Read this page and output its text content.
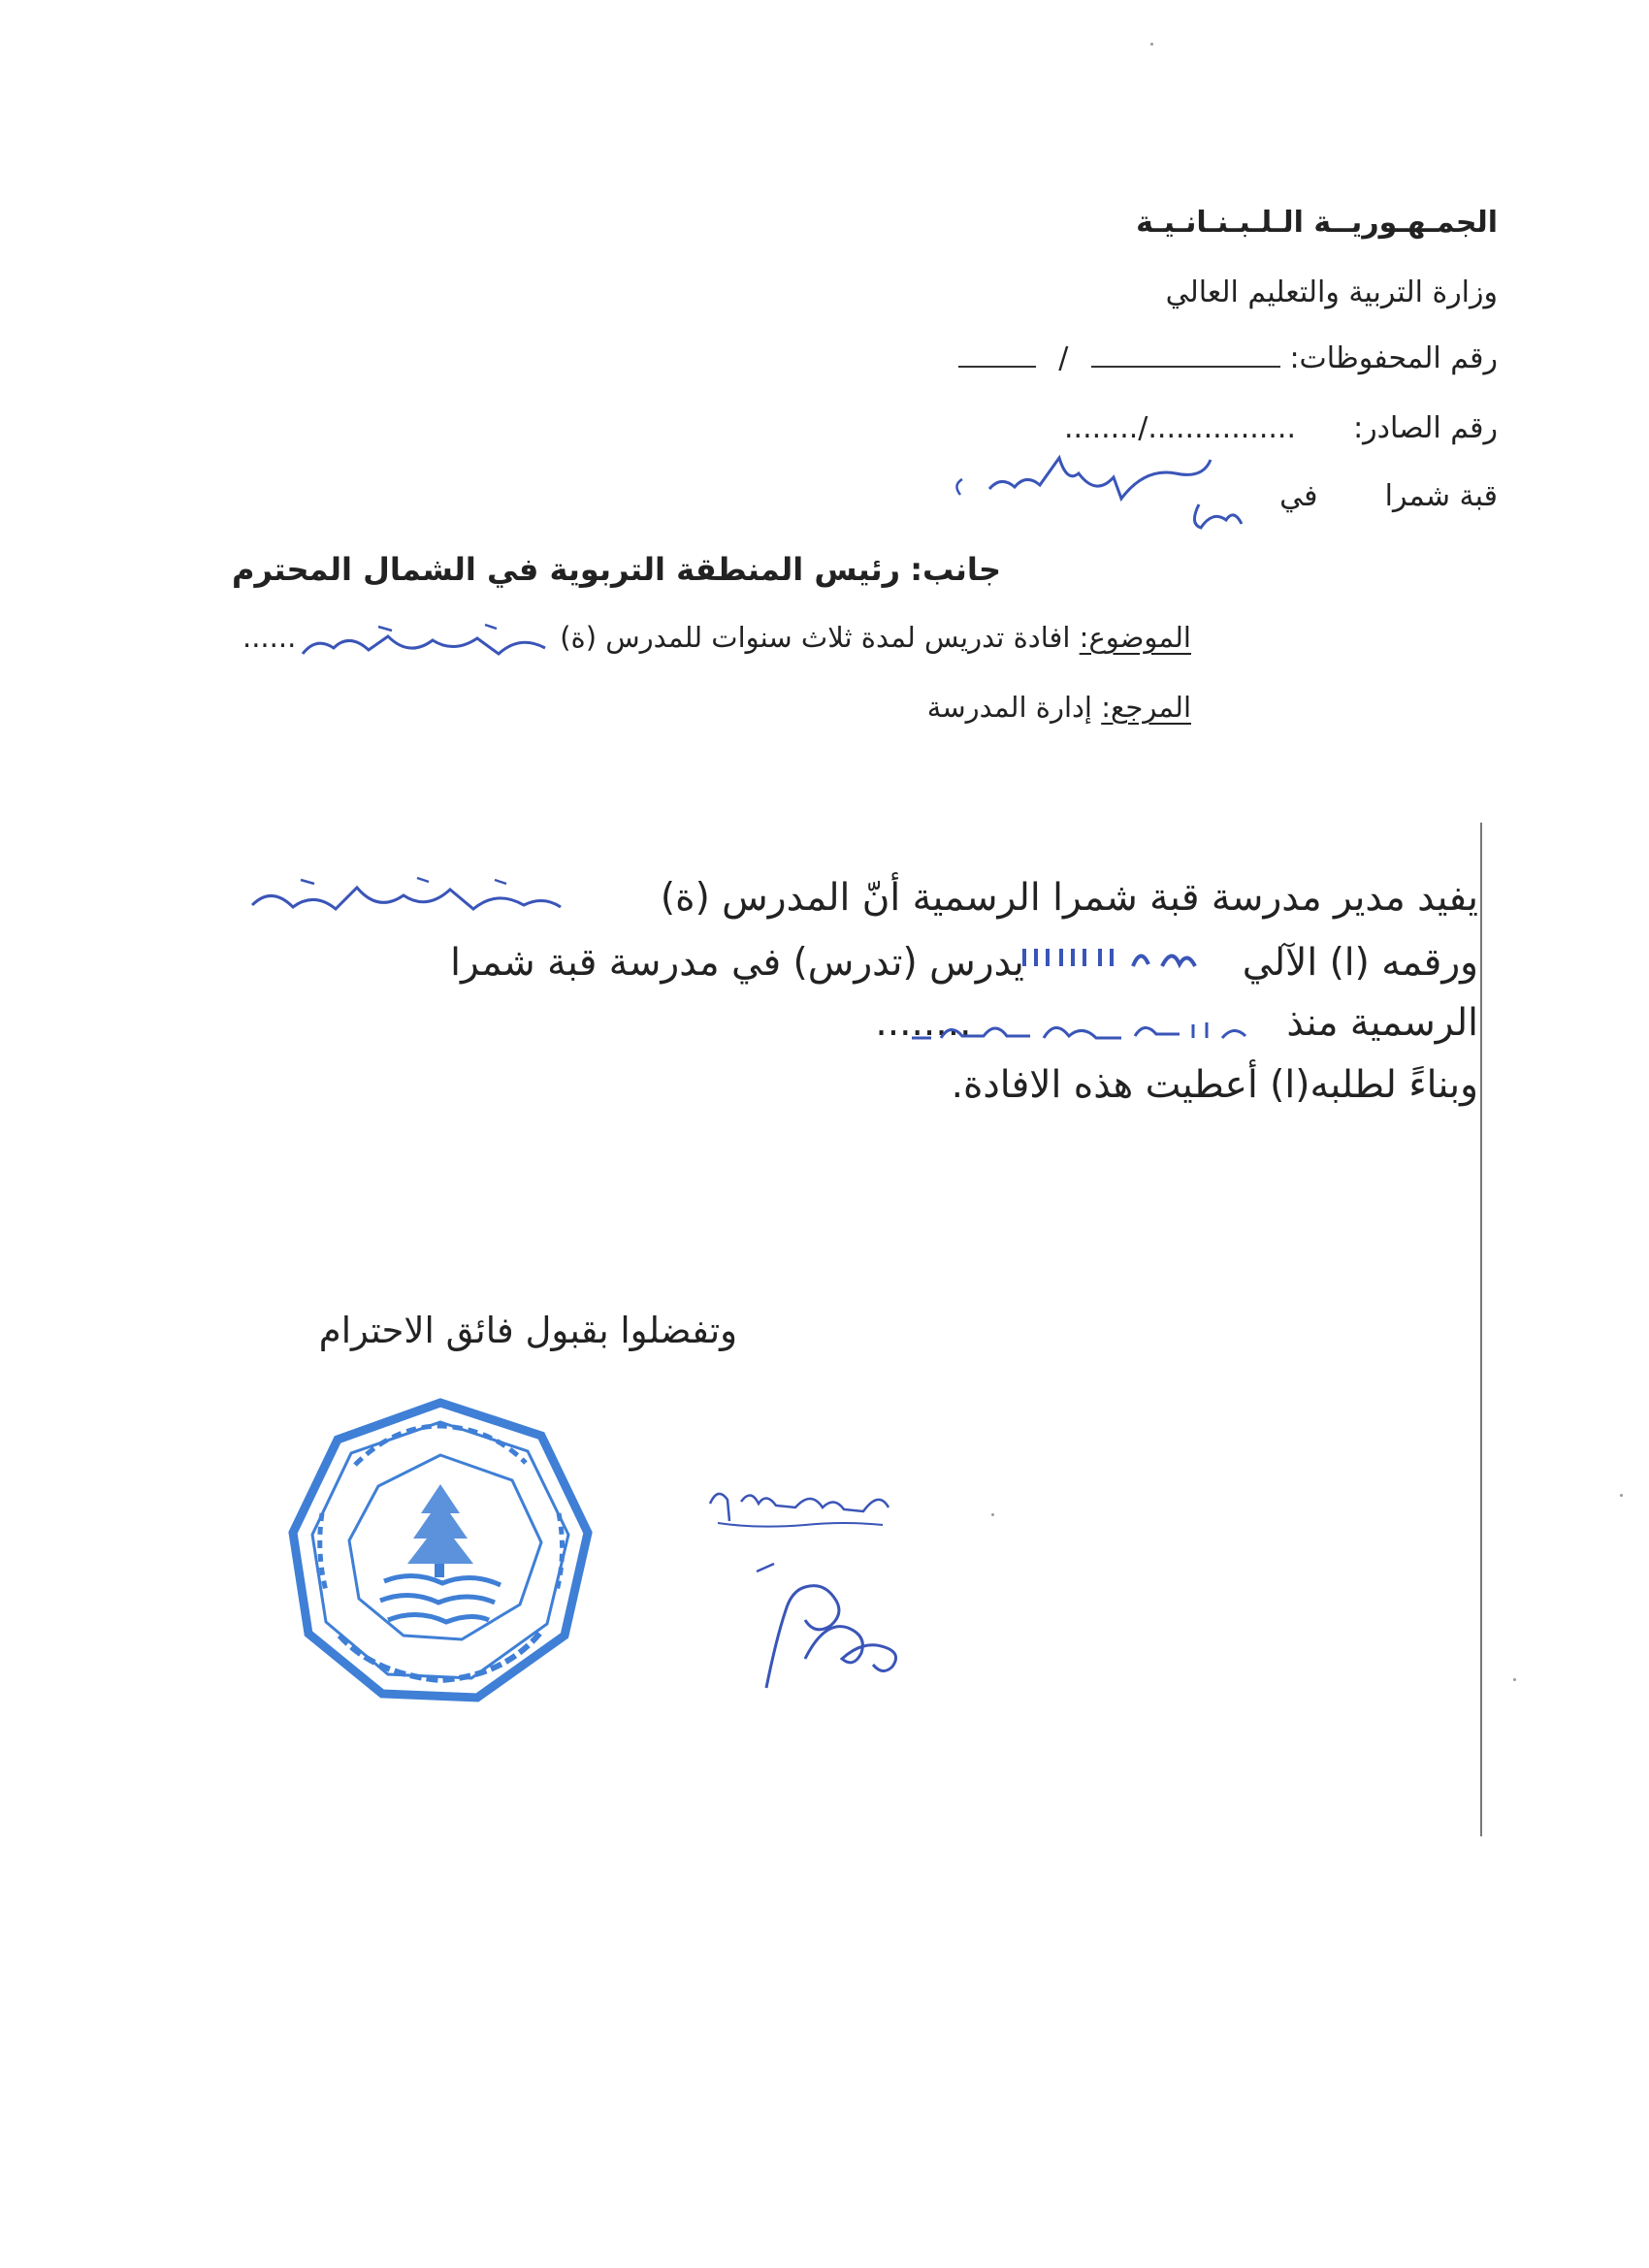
الجمـهـوريــة الـلـبـنـانـيـة
وزارة التربية والتعليم العالي
رقم المحفوظات:  /
رقم الصادر:  ................/........
قبة شمرا  في
جانب: رئيس المنطقة التربوية في الشمال المحترم
الموضوع: افادة تدريس لمدة ثلاث سنوات للمدرس (ة)
......
المرجع: إدارة المدرسة
يفيد مدير مدرسة قبة شمرا الرسمية أنّ المدرس (ة)
ورقمه (ا) الآلي  يدرس (تدرس) في مدرسة قبة شمرا
الرسمية منذ  ........
وبناءً لطلبه(ا) أعطيت هذه الافادة.
وتفضلوا بقبول فائق الاحترام
